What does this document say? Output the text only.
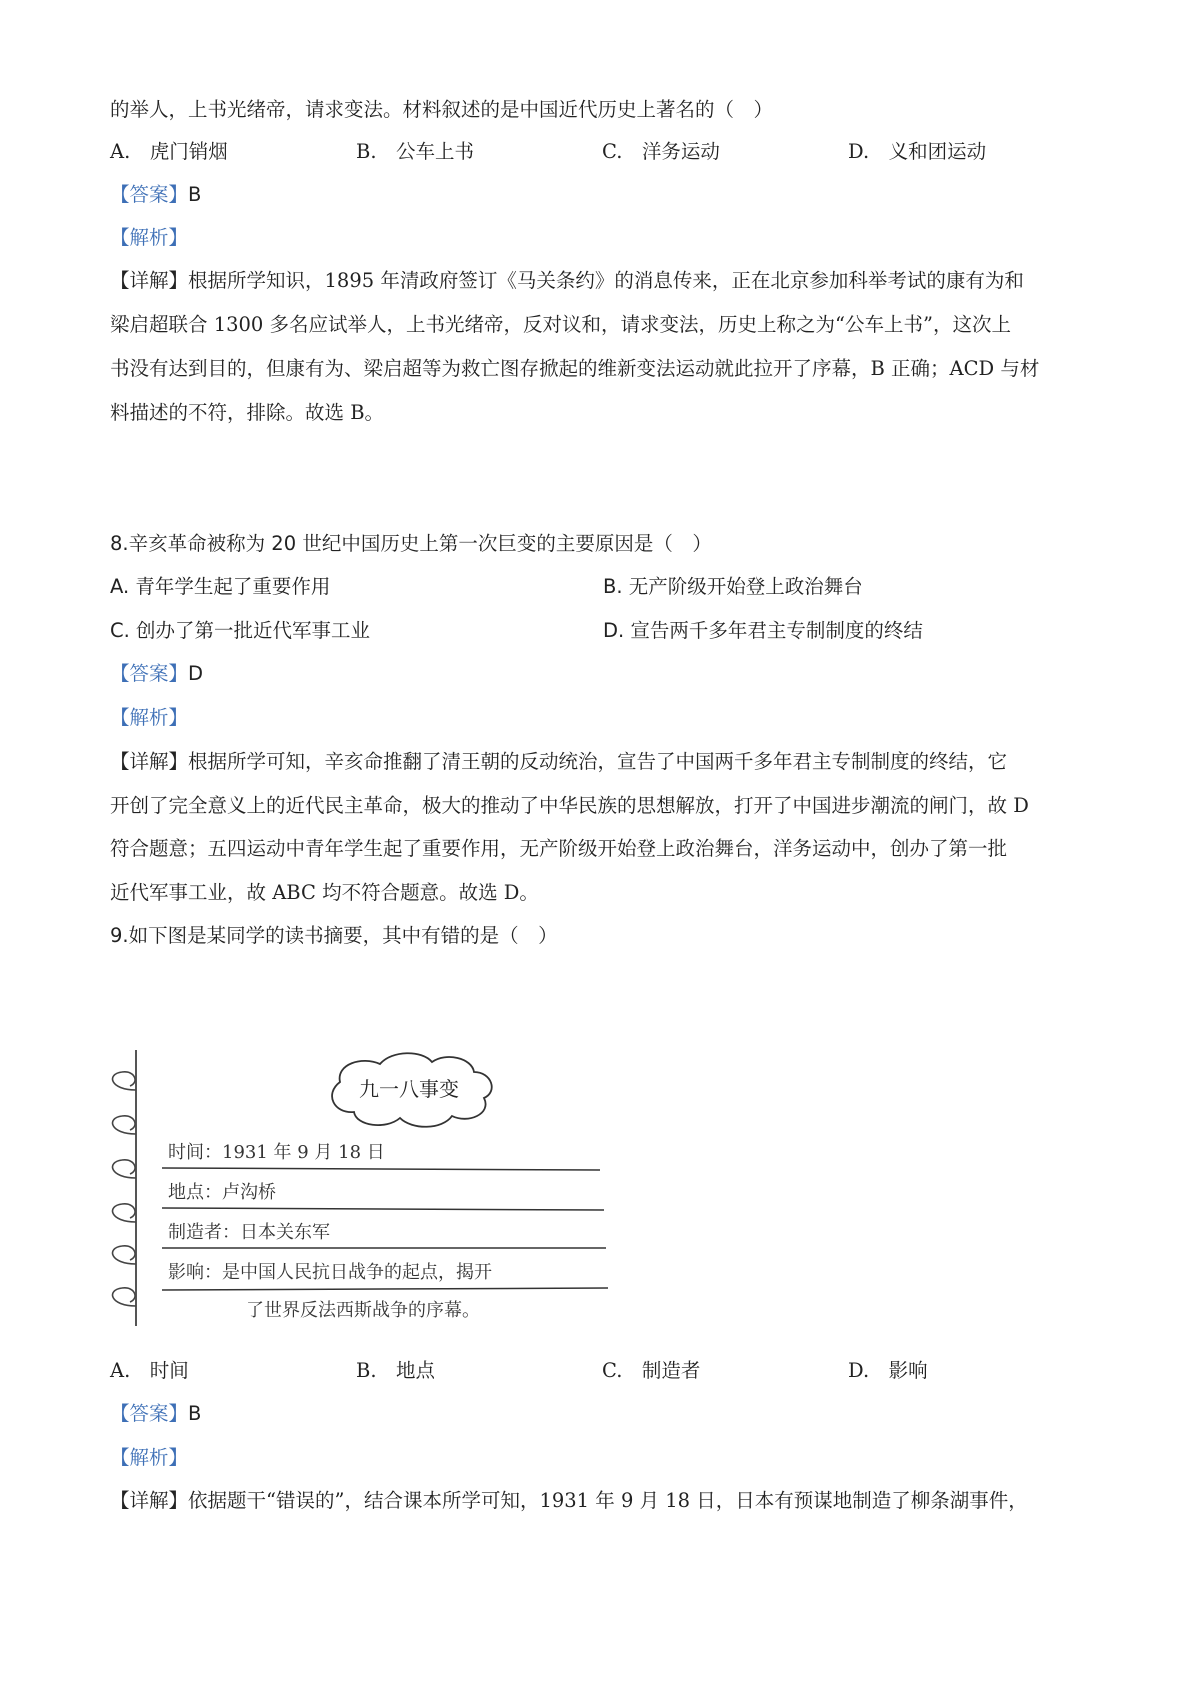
的举人，上书光绪帝，请求变法。材料叙述的是中国近代历史上著名的（　）
A.　虎门销烟	B.　公车上书	C.　洋务运动	D.　义和团运动
【答案】B
【解析】
【详解】根据所学知识，1895 年清政府签订《马关条约》的消息传来，正在北京参加科举考试的康有为和
梁启超联合 1300 多名应试举人，上书光绪帝，反对议和，请求变法，历史上称之为“公车上书”，这次上
书没有达到目的，但康有为、梁启超等为救亡图存掀起的维新变法运动就此拉开了序幕，B 正确；ACD 与材
料描述的不符，排除。故选 B。
8.辛亥革命被称为 20 世纪中国历史上第一次巨变的主要原因是（　）
A. 青年学生起了重要作用	B. 无产阶级开始登上政治舞台
C. 创办了第一批近代军事工业	D. 宣告两千多年君主专制制度的终结
【答案】D
【解析】
【详解】根据所学可知，辛亥命推翻了清王朝的反动统治，宣告了中国两千多年君主专制制度的终结，它
开创了完全意义上的近代民主革命，极大的推动了中华民族的思想解放，打开了中国进步潮流的闸门，故 D
符合题意；五四运动中青年学生起了重要作用，无产阶级开始登上政治舞台，洋务运动中，创办了第一批
近代军事工业，故 ABC 均不符合题意。故选 D。
9.如下图是某同学的读书摘要，其中有错的是（　）
九一八事变
时间：1931 年 9 月 18 日
地点：卢沟桥
制造者：日本关东军
影响：是中国人民抗日战争的起点，揭开
了世界反法西斯战争的序幕。
A.　时间	B.　地点	C.　制造者	D.　影响
【答案】B
【解析】
【详解】依据题干“错误的”，结合课本所学可知，1931 年 9 月 18 日，日本有预谋地制造了柳条湖事件，
